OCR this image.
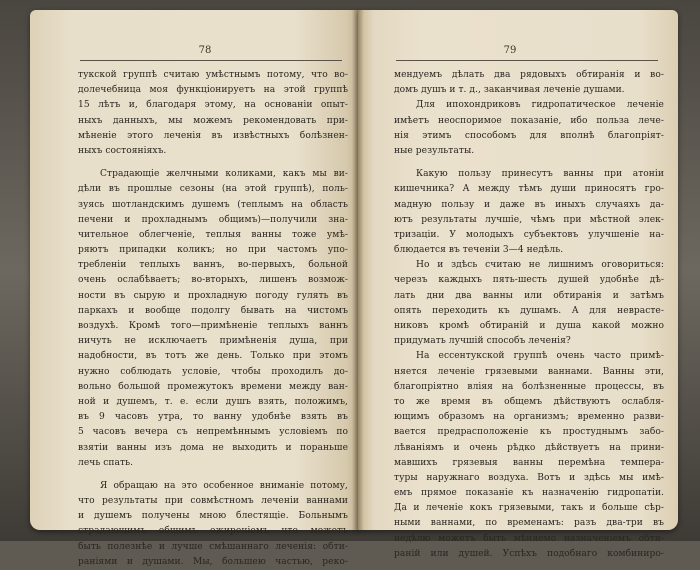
78
тукской группѣ считаю умѣстнымъ потому, что во-
долечебница моя функціонируетъ на этой группѣ
15 лѣтъ и, благодаря этому, на основаніи опыт-
ныхъ данныхъ, мы можемъ рекомендовать при-
мѣненіе этого леченія въ извѣстныхъ болѣзнен-
ныхъ состояніяхъ.
Страдающіе желчными коликами, какъ мы ви-
дѣли въ прошлые сезоны (на этой группѣ), поль-
зуясь шотландскимъ душемъ (теплымъ на область
печени и прохладнымъ общимъ)—получили зна-
чительное облегченіе, теплыя ванны тоже умѣ-
ряютъ припадки коликъ; но при частомъ упо-
требленіи теплыхъ ваннъ, во-первыхъ, больной
очень ослабѣваетъ; во-вторыхъ, лишенъ возмож-
ности въ сырую и прохладную погоду гулять въ
паркахъ и вообще подолгу бывать на чистомъ
воздухѣ. Кромѣ того—примѣненіе теплыхъ ваннъ
ничуть не исключаетъ примѣненія душа, при
надобности, въ тотъ же день. Только при этомъ
нужно соблюдать условіе, чтобы проходилъ до-
вольно большой промежутокъ времени между ван-
ной и душемъ, т. е. если душъ взять, положимъ,
въ 9 часовъ утра, то ванну удобнѣе взять въ
5 часовъ вечера съ непремѣннымъ условіемъ по
взятіи ванны изъ дома не выходить и пораньше
лечь спать.
Я обращаю на это особенное вниманіе потому,
что результаты при совмѣстномъ леченіи ваннами
и душемъ получены мною блестящіе. Больнымъ
страдающимъ общимъ ожиреніемъ что можетъ
быть полезнѣе и лучше смѣшаннаго леченія: обти-
раніями и душами. Мы, большею частью, реко-
79
мендуемъ дѣлать два рядовыхъ обтиранія и во-
домъ душъ и т. д., заканчивая леченіе душами.
Для ипохондриковъ гидропатическое леченіе
имѣетъ неоспоримое показаніе, ибо польза лече-
нія этимъ способомъ для вполнѣ благопріят-
ные результаты.
Какую пользу принесутъ ванны при атоніи
кишечника? А между тѣмъ души приносятъ гро-
мадную пользу и даже въ иныхъ случаяхъ да-
ютъ результаты лучшіе, чѣмъ при мѣстной элек-
тризаціи. У молодыхъ субъектовъ улучшеніе на-
блюдается въ теченіи 3—4 недѣль.
Но и здѣсь считаю не лишнимъ оговориться:
черезъ каждыхъ пять-шесть душей удобнѣе дѣ-
лать дни два ванны или обтиранія и затѣмъ
опять переходить къ душамъ. А для неврасте-
никовъ кромѣ обтираній и душа какой можно
придумать лучшій способъ леченія?
На ессентукской группѣ очень часто примѣ-
няется леченіе грязевыми ваннами. Ванны эти,
благопріятно вліяя на болѣзненные процессы, въ
то же время въ общемъ дѣйствуютъ ослабля-
ющимъ образомъ на организмъ; временно разви-
вается предрасположеніе къ простуднымъ забо-
лѣваніямъ и очень рѣдко дѣйствуетъ на прини-
мавшихъ грязевыя ванны перемѣна темпера-
туры наружнаго воздуха. Вотъ и здѣсь мы имѣ-
емъ прямое показаніе къ назначенію гидропатіи.
Да и леченіе кокъ грязевыми, такъ и больше сѣр-
ными ваннами, по временамъ: разъ два-три въ
недѣлю можетъ быть мѣняемо назначеніемъ обти-
раній или душей. Успѣхъ подобнаго комбиниро-
